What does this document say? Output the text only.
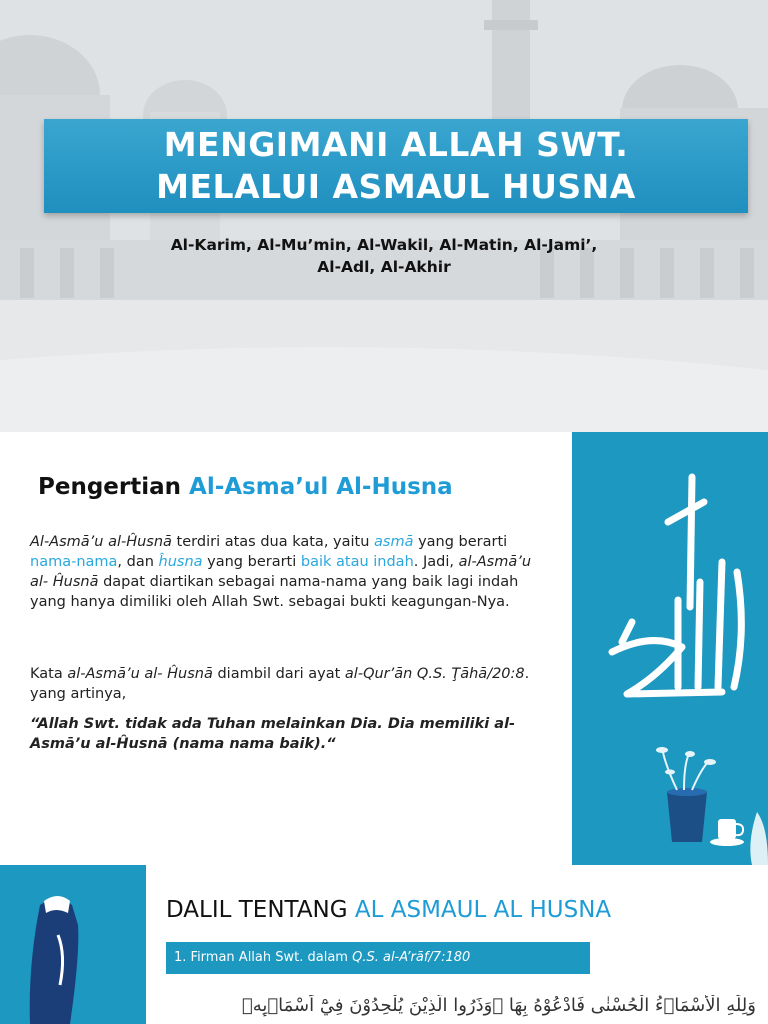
MENGIMANI ALLAH SWT.
MELALUI ASMAUL HUSNA
Al-Karim, Al-Mu’min, Al-Wakil, Al-Matin, Al-Jami’,
Al-Adl, Al-Akhir
Pengertian Al-Asma’ul Al-Husna

Al-Asmā’u al-Ĥusnā terdiri atas dua kata, yaitu asmā yang berarti nama-nama, dan ĥusna yang berarti baik atau indah. Jadi, al-Asmā’u al- Ĥusnā dapat diartikan sebagai nama-nama yang baik lagi indah yang hanya dimiliki oleh Allah Swt. sebagai bukti keagungan-Nya.

Kata al-Asmā’u al- Ĥusnā diambil dari ayat al-Qur’ān Q.S. Ţāhā/20:8. yang artinya,

“Allah Swt. tidak ada Tuhan melainkan Dia. Dia memiliki al-Asmā’u al-Ĥusnā (nama nama baik).“

DALIL TENTANG AL ASMAUL AL HUSNA
1. Firman Allah Swt. dalam Q.S. al-A’rāf/7:180
وَلِلّٰهِ الْأَسْمَاۤءُ الْحُسْنٰى فَادْعُوْهُ بِهَا ۖوَذَرُوا الَّذِيْنَ يُلْحِدُوْنَ فِيْٓ اَسْمَاۤىِٕهٖ
